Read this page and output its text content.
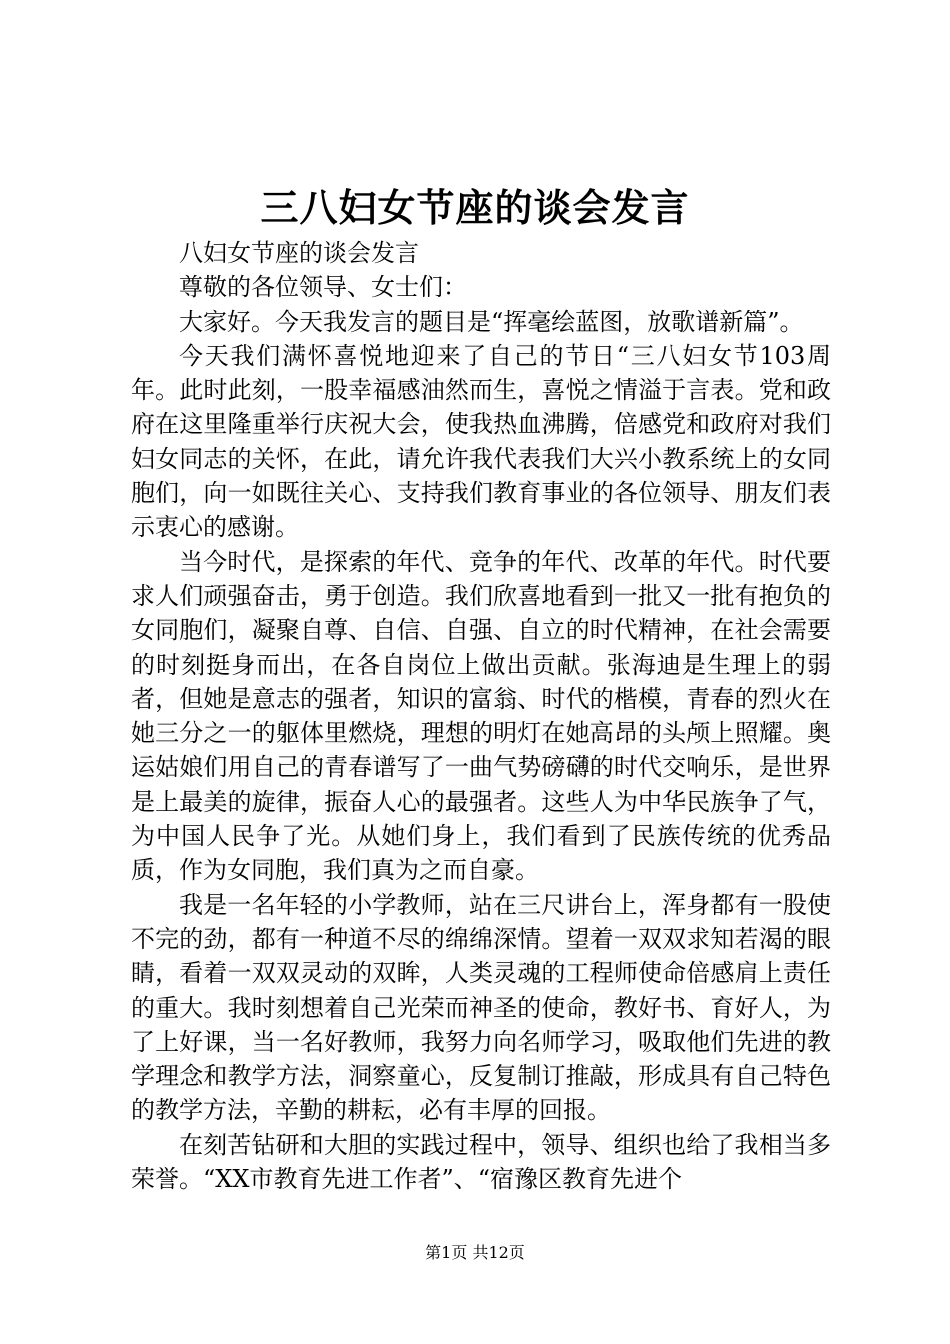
三八妇女节座的谈会发言

八妇女节座的谈会发言

尊敬的各位领导、女士们：

大家好。今天我发言的题目是“挥毫绘蓝图，放歌谱新篇”。

今天我们满怀喜悦地迎来了自己的节日“三八妇女节103周年。此时此刻，一股幸福感油然而生，喜悦之情溢于言表。党和政府在这里隆重举行庆祝大会，使我热血沸腾，倍感党和政府对我们妇女同志的关怀，在此，请允许我代表我们大兴小教系统上的女同胞们，向一如既往关心、支持我们教育事业的各位领导、朋友们表示衷心的感谢。

当今时代，是探索的年代、竞争的年代、改革的年代。时代要求人们顽强奋击，勇于创造。我们欣喜地看到一批又一批有抱负的女同胞们，凝聚自尊、自信、自强、自立的时代精神，在社会需要的时刻挺身而出，在各自岗位上做出贡献。张海迪是生理上的弱者，但她是意志的强者，知识的富翁、时代的楷模，青春的烈火在她三分之一的躯体里燃烧，理想的明灯在她高昂的头颅上照耀。奥运姑娘们用自己的青春谱写了一曲气势磅礴的时代交响乐，是世界是上最美的旋律，振奋人心的最强者。这些人为中华民族争了气，为中国人民争了光。从她们身上，我们看到了民族传统的优秀品质，作为女同胞，我们真为之而自豪。

我是一名年轻的小学教师，站在三尺讲台上，浑身都有一股使不完的劲，都有一种道不尽的绵绵深情。望着一双双求知若渴的眼睛，看着一双双灵动的双眸，人类灵魂的工程师使命倍感肩上责任的重大。我时刻想着自己光荣而神圣的使命，教好书、育好人，为了上好课，当一名好教师，我努力向名师学习，吸取他们先进的教学理念和教学方法，洞察童心，反复制订推敲，形成具有自己特色的教学方法，辛勤的耕耘，必有丰厚的回报。

在刻苦钻研和大胆的实践过程中，领导、组织也给了我相当多荣誉。“XX市教育先进工作者”、“宿豫区教育先进个

第1页 共12页
